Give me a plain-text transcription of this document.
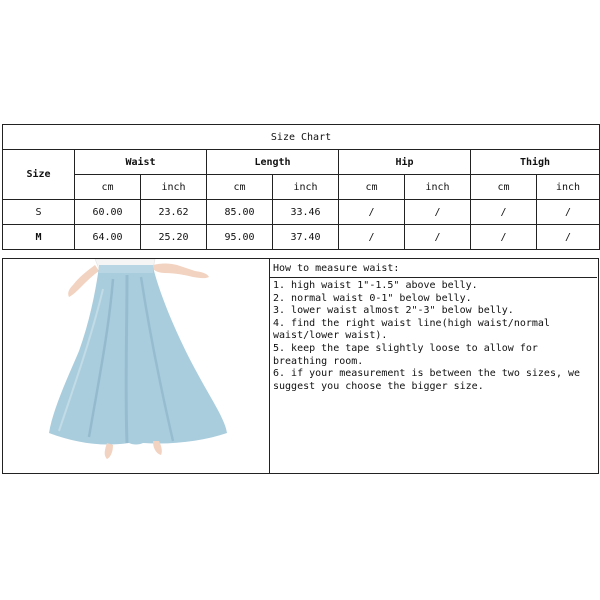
Size Chart								
Size	Waist		Length		Hip		Thigh	
	cm	inch	cm	inch	cm	inch	cm	inch
S	60.00	23.62	85.00	33.46	/	/	/	/
M	64.00	25.20	95.00	37.40	/	/	/	/
How to measure waist:
1. high waist 1"-1.5" above belly.
2. normal waist 0-1" below belly.
3. lower waist almost 2"-3" below belly.
4. find the right waist line(high waist/normal waist/lower waist).
5. keep the tape slightly loose to allow for breathing room.
6. if your measurement is between the two sizes, we suggest you choose the bigger size.
